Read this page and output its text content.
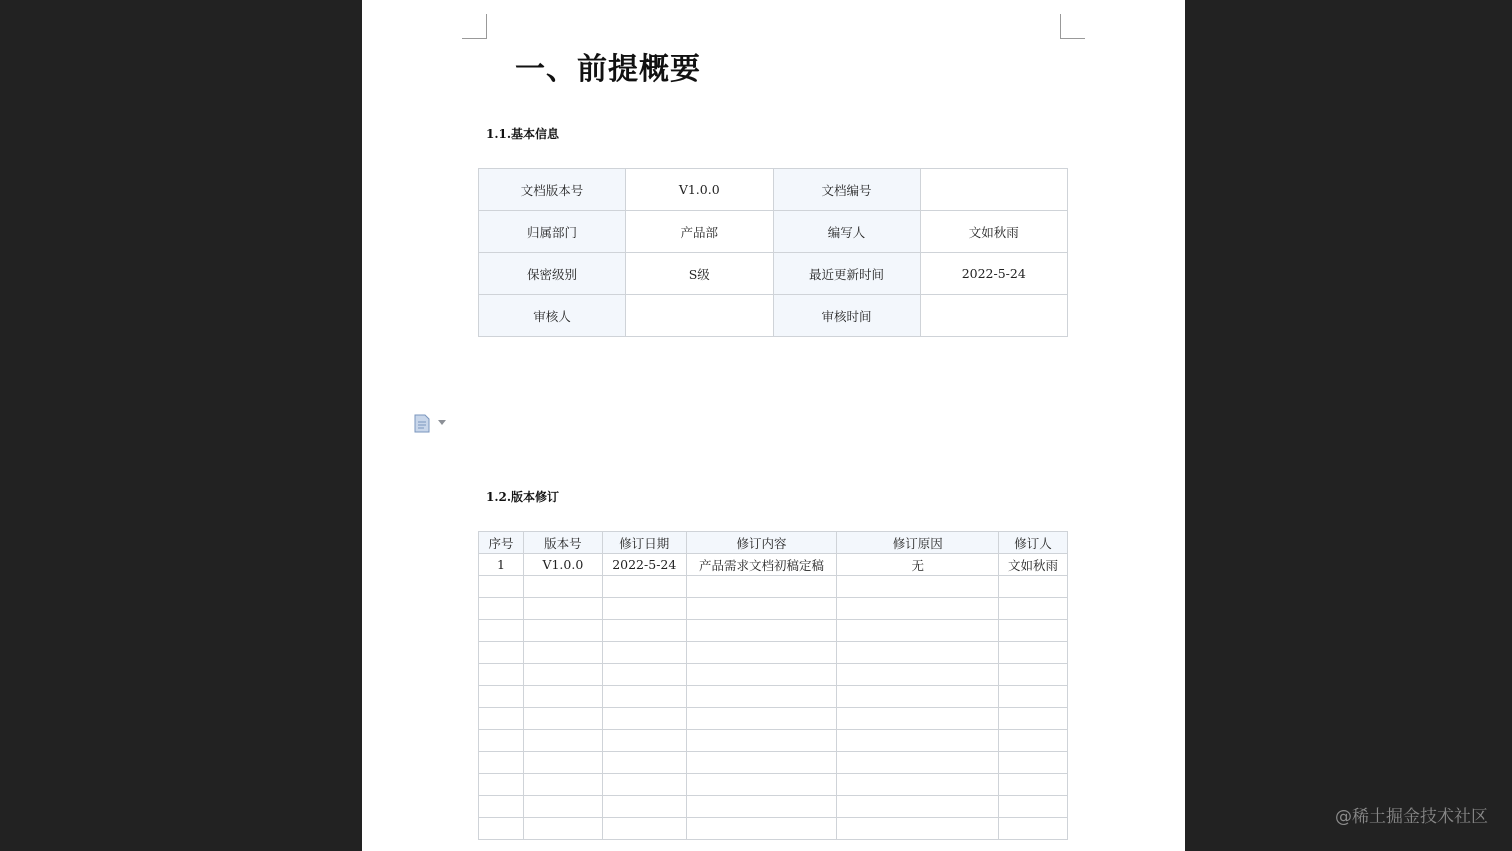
一、前提概要
1.1.基本信息
文档版本号	V1.0.0	文档编号	
归属部门	产品部	编写人	文如秋雨
保密级别	S级	最近更新时间	2022-5-24
审核人		审核时间	
1.2.版本修订
序号	版本号	修订日期	修订内容	修订原因	修订人
1	V1.0.0	2022-5-24	产品需求文档初稿定稿	无	文如秋雨

@稀土掘金技术社区
